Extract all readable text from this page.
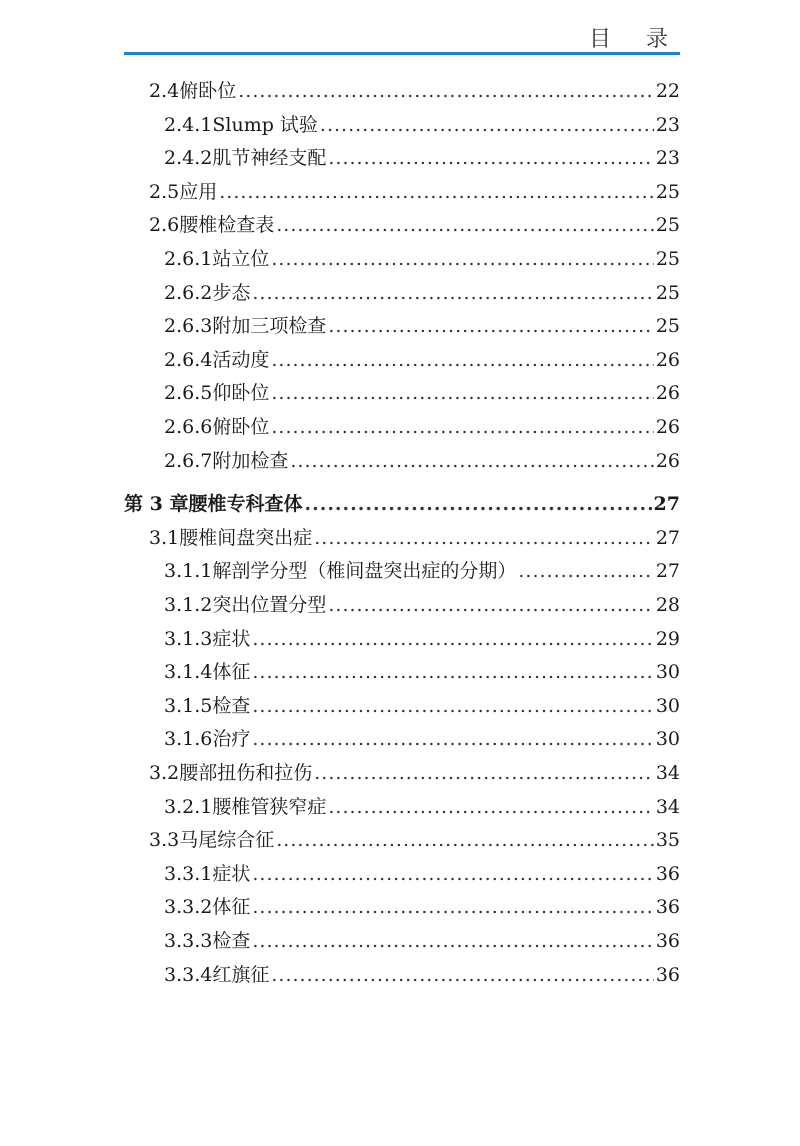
目 录
2.4 俯卧位 .....	22
2.4.1 Slump 试验 .....	23
2.4.2 肌节神经支配 .....	23
2.5 应用 .....	25
2.6 腰椎检查表 .....	25
2.6.1 站立位 .....	25
2.6.2 步态 .....	25
2.6.3 附加三项检查 .....	25
2.6.4 活动度 .....	26
2.6.5 仰卧位 .....	26
2.6.6 俯卧位 .....	26
2.6.7 附加检查 .....	26
第 3 章 腰椎专科查体 .....	27
3.1 腰椎间盘突出症 .....	27
3.1.1 解剖学分型（椎间盘突出症的分期） .....	27
3.1.2 突出位置分型 .....	28
3.1.3 症状 .....	29
3.1.4 体征 .....	30
3.1.5 检查 .....	30
3.1.6 治疗 .....	30
3.2 腰部扭伤和拉伤 .....	34
3.2.1 腰椎管狭窄症 .....	34
3.3 马尾综合征 .....	35
3.3.1 症状 .....	36
3.3.2 体征 .....	36
3.3.3 检查 .....	36
3.3.4 红旗征 .....	36
